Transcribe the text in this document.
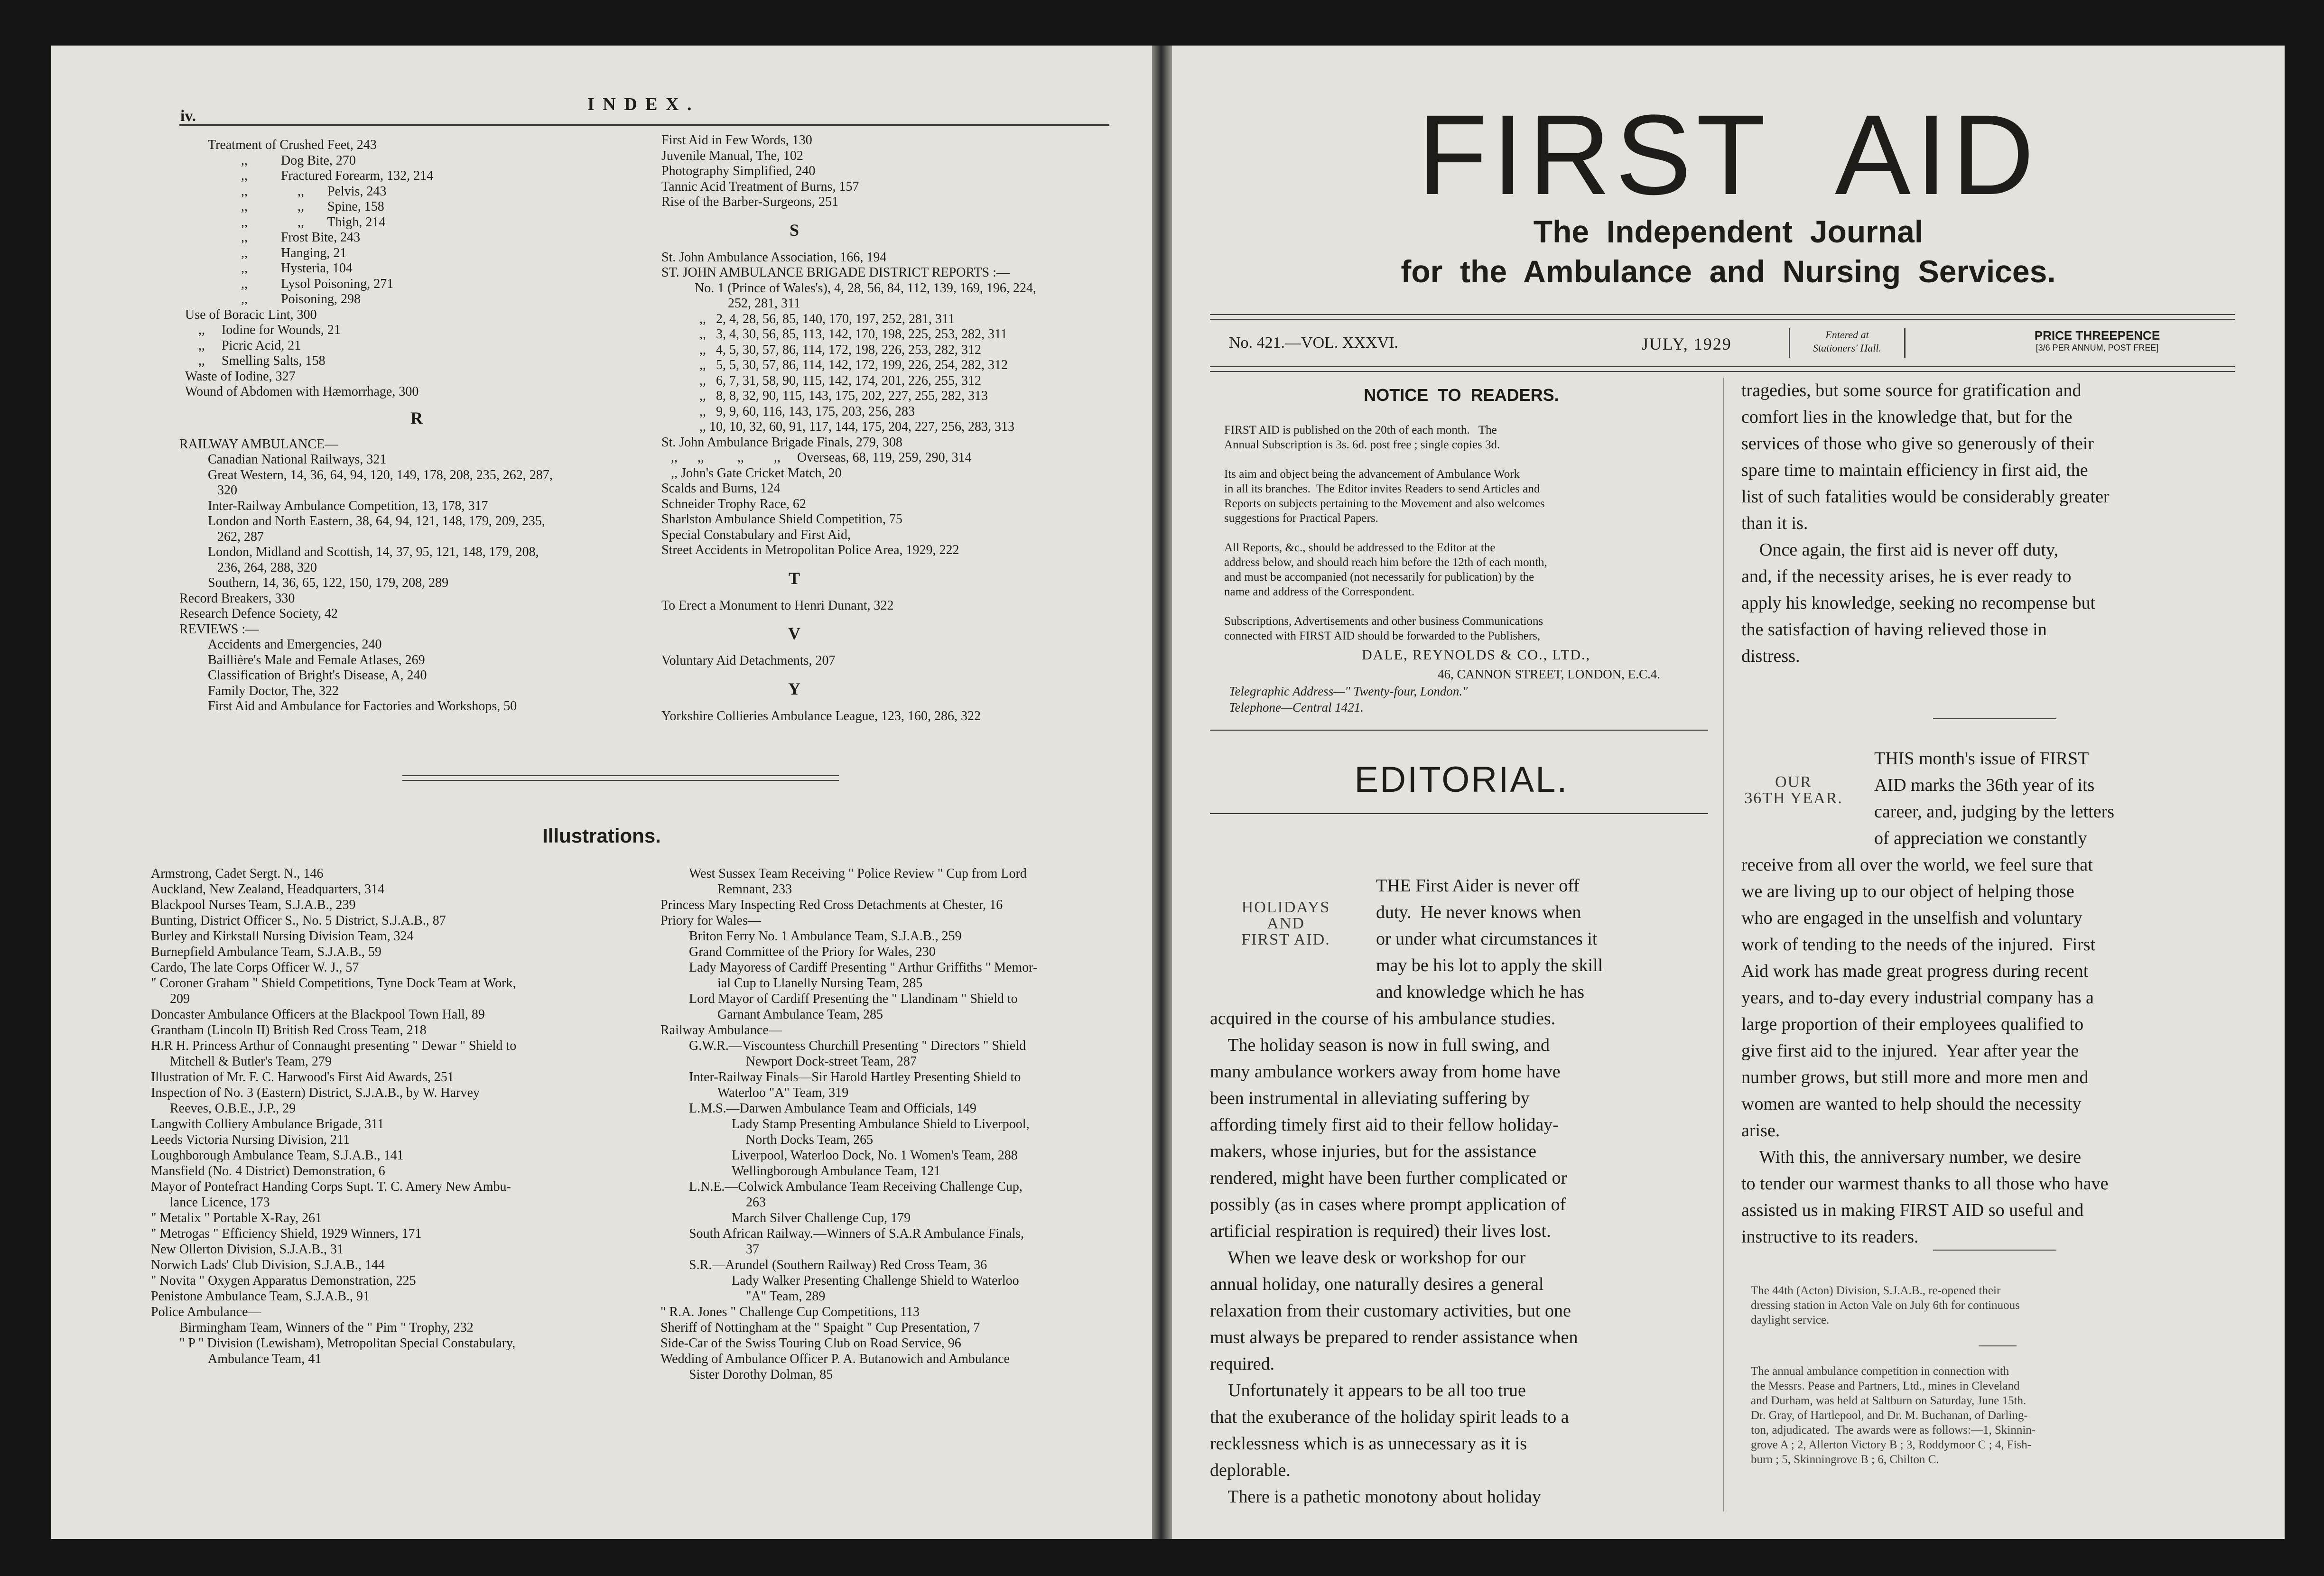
iv.
I N D E X .
Treatment of Crushed Feet, 243
,,          Dog Bite, 270
,,          Fractured Forearm, 132, 214
,,               ,,       Pelvis, 243
,,               ,,       Spine, 158
,,               ,,       Thigh, 214
,,          Frost Bite, 243
,,          Hanging, 21
,,          Hysteria, 104
,,          Lysol Poisoning, 271
,,          Poisoning, 298
Use of Boracic Lint, 300
,,     Iodine for Wounds, 21
,,     Picric Acid, 21
,,     Smelling Salts, 158
Waste of Iodine, 327
Wound of Abdomen with Hæmorrhage, 300
R
RAILWAY AMBULANCE—
Canadian National Railways, 321
Great Western, 14, 36, 64, 94, 120, 149, 178, 208, 235, 262, 287,
320
Inter-Railway Ambulance Competition, 13, 178, 317
London and North Eastern, 38, 64, 94, 121, 148, 179, 209, 235,
262, 287
London, Midland and Scottish, 14, 37, 95, 121, 148, 179, 208,
236, 264, 288, 320
Southern, 14, 36, 65, 122, 150, 179, 208, 289
Record Breakers, 330
Research Defence Society, 42
REVIEWS :—
Accidents and Emergencies, 240
Baillière's Male and Female Atlases, 269
Classification of Bright's Disease, A, 240
Family Doctor, The, 322
First Aid and Ambulance for Factories and Workshops, 50
First Aid in Few Words, 130
Juvenile Manual, The, 102
Photography Simplified, 240
Tannic Acid Treatment of Burns, 157
Rise of the Barber-Surgeons, 251
S
St. John Ambulance Association, 166, 194
ST. JOHN AMBULANCE BRIGADE DISTRICT REPORTS :—
No. 1 (Prince of Wales's), 4, 28, 56, 84, 112, 139, 169, 196, 224,
252, 281, 311
,,   2, 4, 28, 56, 85, 140, 170, 197, 252, 281, 311
,,   3, 4, 30, 56, 85, 113, 142, 170, 198, 225, 253, 282, 311
,,   4, 5, 30, 57, 86, 114, 172, 198, 226, 253, 282, 312
,,   5, 5, 30, 57, 86, 114, 142, 172, 199, 226, 254, 282, 312
,,   6, 7, 31, 58, 90, 115, 142, 174, 201, 226, 255, 312
,,   8, 8, 32, 90, 115, 143, 175, 202, 227, 255, 282, 313
,,   9, 9, 60, 116, 143, 175, 203, 256, 283
,, 10, 10, 32, 60, 91, 117, 144, 175, 204, 227, 256, 283, 313
St. John Ambulance Brigade Finals, 279, 308
,,      ,,          ,,         ,,     Overseas, 68, 119, 259, 290, 314
,, John's Gate Cricket Match, 20
Scalds and Burns, 124
Schneider Trophy Race, 62
Sharlston Ambulance Shield Competition, 75
Special Constabulary and First Aid,
Street Accidents in Metropolitan Police Area, 1929, 222
T
To Erect a Monument to Henri Dunant, 322
V
Voluntary Aid Detachments, 207
Y
Yorkshire Collieries Ambulance League, 123, 160, 286, 322
Illustrations.
Armstrong, Cadet Sergt. N., 146
Auckland, New Zealand, Headquarters, 314
Blackpool Nurses Team, S.J.A.B., 239
Bunting, District Officer S., No. 5 District, S.J.A.B., 87
Burley and Kirkstall Nursing Division Team, 324
Burnepfield Ambulance Team, S.J.A.B., 59
Cardo, The late Corps Officer W. J., 57
" Coroner Graham " Shield Competitions, Tyne Dock Team at Work,
209
Doncaster Ambulance Officers at the Blackpool Town Hall, 89
Grantham (Lincoln II) British Red Cross Team, 218
H.R H. Princess Arthur of Connaught presenting " Dewar " Shield to
Mitchell & Butler's Team, 279
Illustration of Mr. F. C. Harwood's First Aid Awards, 251
Inspection of No. 3 (Eastern) District, S.J.A.B., by W. Harvey
Reeves, O.B.E., J.P., 29
Langwith Colliery Ambulance Brigade, 311
Leeds Victoria Nursing Division, 211
Loughborough Ambulance Team, S.J.A.B., 141
Mansfield (No. 4 District) Demonstration, 6
Mayor of Pontefract Handing Corps Supt. T. C. Amery New Ambu-
lance Licence, 173
" Metalix " Portable X-Ray, 261
" Metrogas " Efficiency Shield, 1929 Winners, 171
New Ollerton Division, S.J.A.B., 31
Norwich Lads' Club Division, S.J.A.B., 144
" Novita " Oxygen Apparatus Demonstration, 225
Penistone Ambulance Team, S.J.A.B., 91
Police Ambulance—
Birmingham Team, Winners of the " Pim " Trophy, 232
" P " Division (Lewisham), Metropolitan Special Constabulary,
Ambulance Team, 41
West Sussex Team Receiving " Police Review " Cup from Lord
Remnant, 233
Princess Mary Inspecting Red Cross Detachments at Chester, 16
Priory for Wales—
Briton Ferry No. 1 Ambulance Team, S.J.A.B., 259
Grand Committee of the Priory for Wales, 230
Lady Mayoress of Cardiff Presenting " Arthur Griffiths " Memor-
ial Cup to Llanelly Nursing Team, 285
Lord Mayor of Cardiff Presenting the " Llandinam " Shield to
Garnant Ambulance Team, 285
Railway Ambulance—
G.W.R.—Viscountess Churchill Presenting " Directors " Shield
Newport Dock-street Team, 287
Inter-Railway Finals—Sir Harold Hartley Presenting Shield to
Waterloo "A" Team, 319
L.M.S.—Darwen Ambulance Team and Officials, 149
Lady Stamp Presenting Ambulance Shield to Liverpool,
North Docks Team, 265
Liverpool, Waterloo Dock, No. 1 Women's Team, 288
Wellingborough Ambulance Team, 121
L.N.E.—Colwick Ambulance Team Receiving Challenge Cup,
263
March Silver Challenge Cup, 179
South African Railway.—Winners of S.A.R Ambulance Finals,
37
S.R.—Arundel (Southern Railway) Red Cross Team, 36
Lady Walker Presenting Challenge Shield to Waterloo
"A" Team, 289
" R.A. Jones " Challenge Cup Competitions, 113
Sheriff of Nottingham at the " Spaight " Cup Presentation, 7
Side-Car of the Swiss Touring Club on Road Service, 96
Wedding of Ambulance Officer P. A. Butanowich and Ambulance
Sister Dorothy Dolman, 85
FIRST  AID
The  Independent  Journal
for  the  Ambulance  and  Nursing  Services.
No. 421.—VOL. XXXVI.	JULY, 1929	Entered at
Stationers' Hall.
PRICE THREEPENCE
[3/6 PER ANNUM, POST FREE]
NOTICE  TO  READERS.
FIRST AID is published on the 20th of each month.   The
Annual Subscription is 3s. 6d. post free ; single copies 3d.

Its aim and object being the advancement of Ambulance Work
in all its branches.  The Editor invites Readers to send Articles and
Reports on subjects pertaining to the Movement and also welcomes
suggestions for Practical Papers.

All Reports, &c., should be addressed to the Editor at the
address below, and should reach him before the 12th of each month,
and must be accompanied (not necessarily for publication) by the
name and address of the Correspondent.

Subscriptions, Advertisements and other business Communications
connected with FIRST AID should be forwarded to the Publishers,
DALE, REYNOLDS & CO., LTD.,
46, CANNON STREET, LONDON, E.C.4.
Telegraphic Address—" Twenty-four, London."
Telephone—Central 1421.
EDITORIAL.
HOLIDAYS
AND
FIRST AID.
THE First Aider is never off
duty.  He never knows when
or under what circumstances it
may be his lot to apply the skill
and knowledge which he has
acquired in the course of his ambulance studies.
The holiday season is now in full swing, and
many ambulance workers away from home have
been instrumental in alleviating suffering by
affording timely first aid to their fellow holiday-
makers, whose injuries, but for the assistance
rendered, might have been further complicated or
possibly (as in cases where prompt application of
artificial respiration is required) their lives lost.
When we leave desk or workshop for our
annual holiday, one naturally desires a general
relaxation from their customary activities, but one
must always be prepared to render assistance when
required.
Unfortunately it appears to be all too true
that the exuberance of the holiday spirit leads to a
recklessness which is as unnecessary as it is
deplorable.
There is a pathetic monotony about holiday
tragedies, but some source for gratification and
comfort lies in the knowledge that, but for the
services of those who give so generously of their
spare time to maintain efficiency in first aid, the
list of such fatalities would be considerably greater
than it is.
Once again, the first aid is never off duty,
and, if the necessity arises, he is ever ready to
apply his knowledge, seeking no recompense but
the satisfaction of having relieved those in
distress.
OUR
36TH YEAR.
THIS month's issue of FIRST
AID marks the 36th year of its
career, and, judging by the letters
of appreciation we constantly
receive from all over the world, we feel sure that
we are living up to our object of helping those
who are engaged in the unselfish and voluntary
work of tending to the needs of the injured.  First
Aid work has made great progress during recent
years, and to-day every industrial company has a
large proportion of their employees qualified to
give first aid to the injured.  Year after year the
number grows, but still more and more men and
women are wanted to help should the necessity
arise.
With this, the anniversary number, we desire
to tender our warmest thanks to all those who have
assisted us in making FIRST AID so useful and
instructive to its readers.
The 44th (Acton) Division, S.J.A.B., re-opened their
dressing station in Acton Vale on July 6th for continuous
daylight service.
The annual ambulance competition in connection with
the Messrs. Pease and Partners, Ltd., mines in Cleveland
and Durham, was held at Saltburn on Saturday, June 15th.
Dr. Gray, of Hartlepool, and Dr. M. Buchanan, of Darling-
ton, adjudicated.  The awards were as follows:—1, Skinnin-
grove A ; 2, Allerton Victory B ; 3, Roddymoor C ; 4, Fish-
burn ; 5, Skinningrove B ; 6, Chilton C.
